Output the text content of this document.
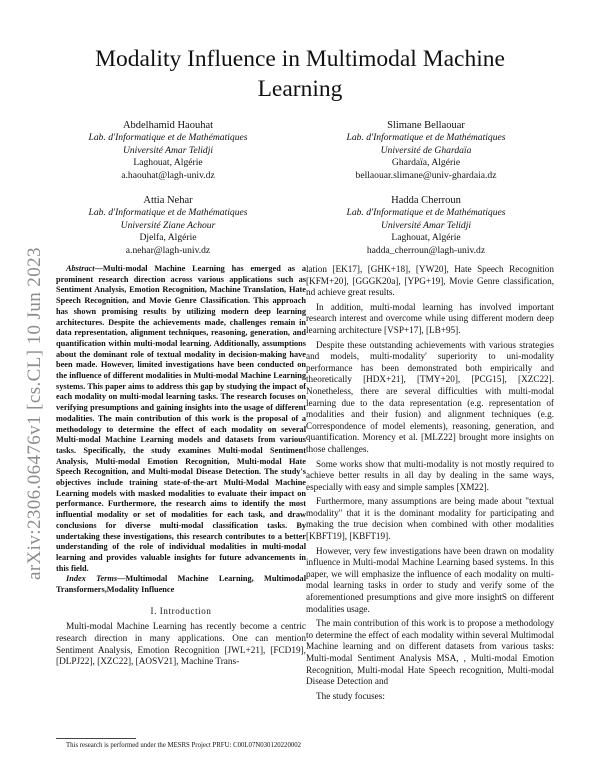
arXiv:2306.06476v1 [cs.CL] 10 Jun 2023
Modality Influence in Multimodal Machine Learning
Abdelhamid Haouhat
Lab. d'Informatique et de Mathématiques
Université Amar Telidji
Laghouat, Algérie
a.haouhat@lagh-univ.dz
Slimane Bellaouar
Lab. d'Informatique et de Mathématiques
Université de Ghardaïa
Ghardaïa, Algérie
bellaouar.slimane@univ-ghardaia.dz
Attia Nehar
Lab. d'Informatique et de Mathématiques
Université Ziane Achour
Djelfa, Algérie
a.nehar@lagh-univ.dz
Hadda Cherroun
Lab. d'Informatique et de Mathématiques
Université Amar Telidji
Laghouat, Algérie
hadda_cherroun@lagh-univ.dz

Abstract—Multi-modal Machine Learning has emerged as a prominent research direction across various applications such as Sentiment Analysis, Emotion Recognition, Machine Translation, Hate Speech Recognition, and Movie Genre Classification. This approach has shown promising results by utilizing modern deep learning architectures. Despite the achievements made, challenges remain in data representation, alignment techniques, reasoning, generation, and quantification within multi-modal learning. Additionally, assumptions about the dominant role of textual modality in decision-making have been made. However, limited investigations have been conducted on the influence of different modalities in Multi-modal Machine Learning systems. This paper aims to address this gap by studying the impact of each modality on multi-modal learning tasks. The research focuses on verifying presumptions and gaining insights into the usage of different modalities. The main contribution of this work is the proposal of a methodology to determine the effect of each modality on several Multi-modal Machine Learning models and datasets from various tasks. Specifically, the study examines Multi-modal Sentiment Analysis, Multi-modal Emotion Recognition, Multi-modal Hate Speech Recognition, and Multi-modal Disease Detection. The study's objectives include training state-of-the-art Multi-Modal Machine Learning models with masked modalities to evaluate their impact on performance. Furthermore, the research aims to identify the most influential modality or set of modalities for each task, and draw conclusions for diverse multi-modal classification tasks. By undertaking these investigations, this research contributes to a better understanding of the role of individual modalities in multi-modal learning and provides valuable insights for future advancements in this field.

Index Terms—Multimodal Machine Learning, Multimodal Transformers,Modality Influence

I. Introduction

Multi-modal Machine Learning has recently become a centric research direction in many applications. One can mention Sentiment Analysis, Emotion Recognition [JWL+21], [FCD19], [DLPJ22], [XZC22], [AOSV21], Machine Trans-

This research is performed under the MESRS Project PRFU: C00L07N030120220002

lation [EK17], [GHK+18], [YW20], Hate Speech Recognition [KFM+20], [GGGK20a], [YPG+19], Movie Genre classification, nd achieve great results.

In addition, multi-modal learning has involved important research interest and overcome while using different modern deep learning architecture [VSP+17], [LB+95].

Despite these outstanding achievements with various strategies and models, multi-modality' superiority to uni-modality performance has been demonstrated both empirically and theoretically [HDX+21], [TMY+20], [PCG15], [XZC22]. Nonetheless, there are several difficulties with multi-modal learning due to the data representation (e.g. representation of modalities and their fusion) and alignment techniques (e.g. Correspondence of model elements), reasoning, generation, and quantification. Morency et al. [MLZ22] brought more insights on those challenges.

Some works show that multi-modality is not mostly required to achieve better results in all day by dealing in the same ways, especially with easy and simple samples [XM22].

Furthermore, many assumptions are being made about "textual modality" that it is the dominant modality for participating and making the true decision when combined with other modalities [KBFT19], [KBFT19].

However, very few investigations have been drawn on modality influence in Multi-modal Machine Learning based systems. In this paper, we will emphasize the influence of each modality on multi-modal learning tasks in order to study and verify some of the aforementioned presumptions and give more insightS on different modalities usage.

The main contribution of this work is to propose a methodology to determine the effect of each modality within several Multimodal Machine learning and on different datasets from various tasks: Multi-modal Sentiment Analysis MSA, , Multi-modal Emotion Recognition, Multi-modal Hate Speech recognition, Multi-modal Disease Detection and

The study focuses:
